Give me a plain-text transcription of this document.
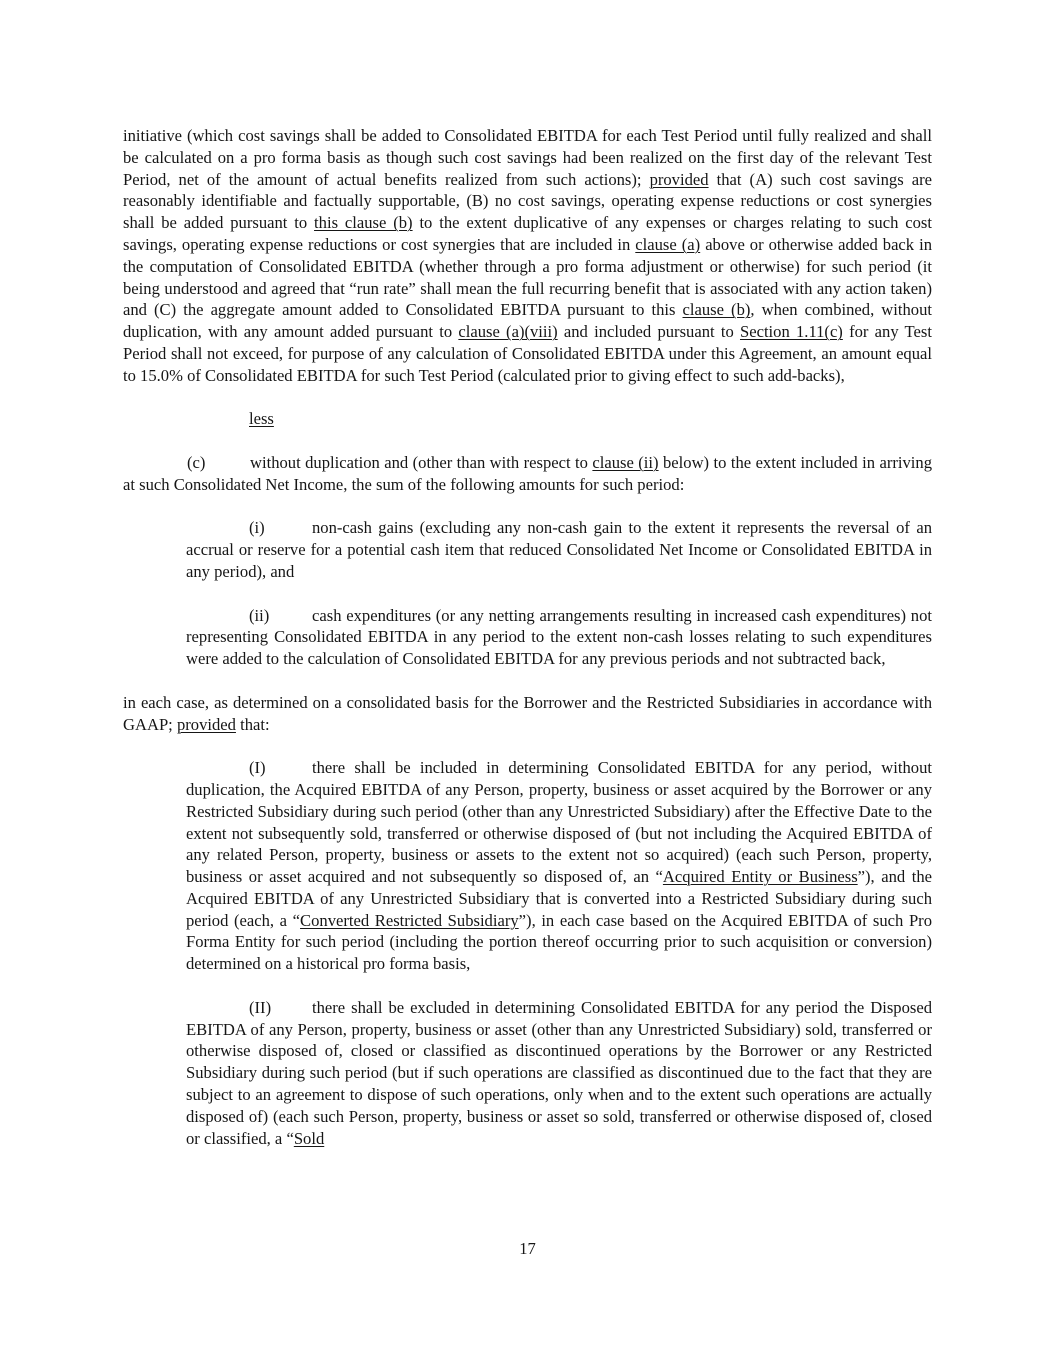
initiative (which cost savings shall be added to Consolidated EBITDA for each Test Period until fully realized and shall be calculated on a pro forma basis as though such cost savings had been realized on the first day of the relevant Test Period, net of the amount of actual benefits realized from such actions); provided that (A) such cost savings are reasonably identifiable and factually supportable, (B) no cost savings, operating expense reductions or cost synergies shall be added pursuant to this clause (b) to the extent duplicative of any expenses or charges relating to such cost savings, operating expense reductions or cost synergies that are included in clause (a) above or otherwise added back in the computation of Consolidated EBITDA (whether through a pro forma adjustment or otherwise) for such period (it being understood and agreed that “run rate” shall mean the full recurring benefit that is associated with any action taken) and (C) the aggregate amount added to Consolidated EBITDA pursuant to this clause (b), when combined, without duplication, with any amount added pursuant to clause (a)(viii) and included pursuant to Section 1.11(c) for any Test Period shall not exceed, for purpose of any calculation of Consolidated EBITDA under this Agreement, an amount equal to 15.0% of Consolidated EBITDA for such Test Period (calculated prior to giving effect to such add-backs),
less
(c)	without duplication and (other than with respect to clause (ii) below) to the extent included in arriving at such Consolidated Net Income, the sum of the following amounts for such period:
(i)	non-cash gains (excluding any non-cash gain to the extent it represents the reversal of an accrual or reserve for a potential cash item that reduced Consolidated Net Income or Consolidated EBITDA in any period), and
(ii)	cash expenditures (or any netting arrangements resulting in increased cash expenditures) not representing Consolidated EBITDA in any period to the extent non-cash losses relating to such expenditures were added to the calculation of Consolidated EBITDA for any previous periods and not subtracted back,
in each case, as determined on a consolidated basis for the Borrower and the Restricted Subsidiaries in accordance with GAAP; provided that:
(I)	there shall be included in determining Consolidated EBITDA for any period, without duplication, the Acquired EBITDA of any Person, property, business or asset acquired by the Borrower or any Restricted Subsidiary during such period (other than any Unrestricted Subsidiary) after the Effective Date to the extent not subsequently sold, transferred or otherwise disposed of (but not including the Acquired EBITDA of any related Person, property, business or assets to the extent not so acquired) (each such Person, property, business or asset acquired and not subsequently so disposed of, an “Acquired Entity or Business”), and the Acquired EBITDA of any Unrestricted Subsidiary that is converted into a Restricted Subsidiary during such period (each, a “Converted Restricted Subsidiary”), in each case based on the Acquired EBITDA of such Pro Forma Entity for such period (including the portion thereof occurring prior to such acquisition or conversion) determined on a historical pro forma basis,
(II) there shall be excluded in determining Consolidated EBITDA for any period the Disposed EBITDA of any Person, property, business or asset (other than any Unrestricted Subsidiary) sold, transferred or otherwise disposed of, closed or classified as discontinued operations by the Borrower or any Restricted Subsidiary during such period (but if such operations are classified as discontinued due to the fact that they are subject to an agreement to dispose of such operations, only when and to the extent such operations are actually disposed of) (each such Person, property, business or asset so sold, transferred or otherwise disposed of, closed or classified, a “Sold
17
